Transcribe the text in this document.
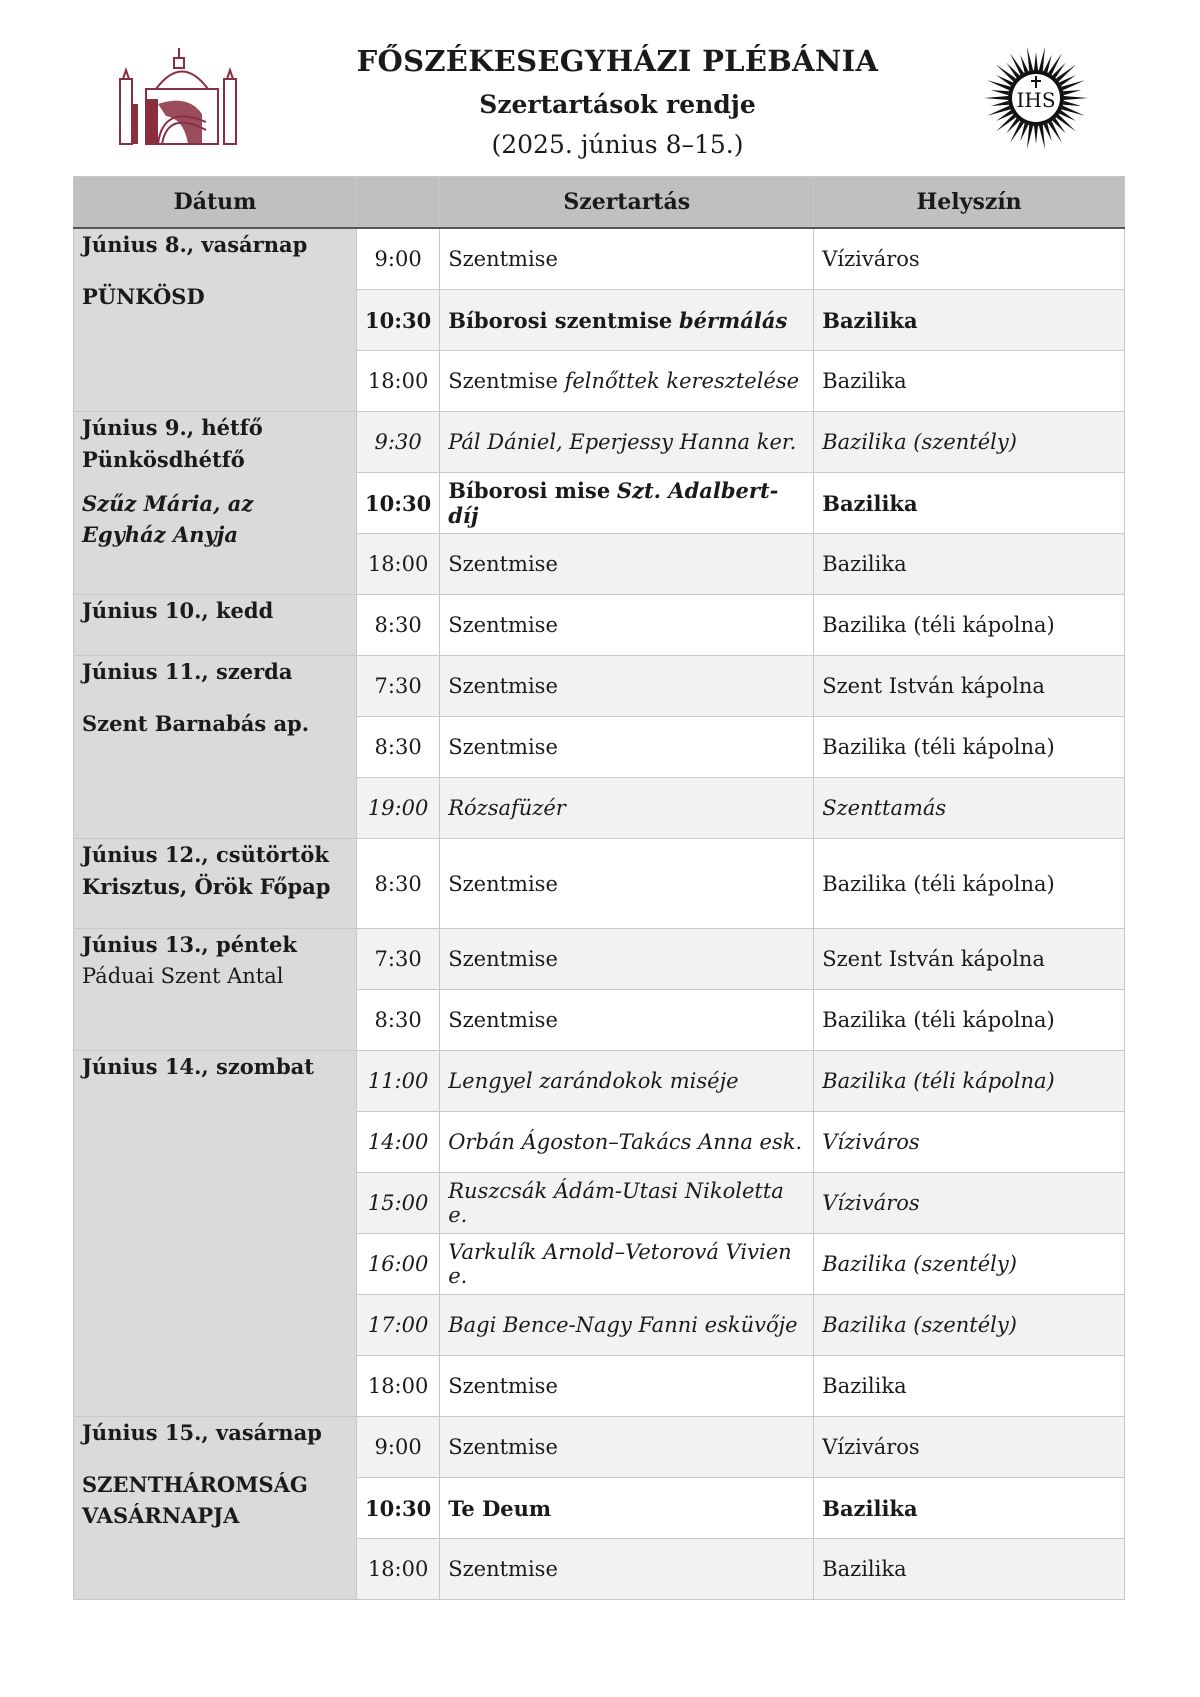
IHS
FŐSZÉKESEGYHÁZI PLÉBÁNIA
Szertartások rendje
(2025. június 8–15.)
Dátum		Szertartás	Helyszín
Június 8., vasárnap
PÜNKÖSD	9:00	Szentmise	Víziváros
	10:30	Bíborosi szentmise bérmálás	Bazilika
	18:00	Szentmise felnőttek keresztelése	Bazilika
Június 9., hétfő
Pünkösdhétfő
Szűz Mária, az Egyház Anyja	9:30	Pál Dániel, Eperjessy Hanna ker.	Bazilika (szentély)
	10:30	Bíborosi mise Szt. Adalbert-díj	Bazilika
	18:00	Szentmise	Bazilika
Június 10., kedd	8:30	Szentmise	Bazilika (téli kápolna)
Június 11., szerda
Szent Barnabás ap.	7:30	Szentmise	Szent István kápolna
	8:30	Szentmise	Bazilika (téli kápolna)
	19:00	Rózsafüzér	Szenttamás
Június 12., csütörtök
Krisztus, Örök Főpap	8:30	Szentmise	Bazilika (téli kápolna)
Június 13., péntek
Páduai Szent Antal	7:30	Szentmise	Szent István kápolna
	8:30	Szentmise	Bazilika (téli kápolna)
Június 14., szombat	11:00	Lengyel zarándokok miséje	Bazilika (téli kápolna)
	14:00	Orbán Ágoston–Takács Anna esk.	Víziváros
	15:00	Ruszcsák Ádám-Utasi Nikoletta e.	Víziváros
	16:00	Varkulík Arnold–Vetorová Vivien e.	Bazilika (szentély)
	17:00	Bagi Bence-Nagy Fanni esküvője	Bazilika (szentély)
	18:00	Szentmise	Bazilika
Június 15., vasárnap
SZENTHÁROMSÁG VASÁRNAPJA	9:00	Szentmise	Víziváros
	10:30	Te Deum	Bazilika
	18:00	Szentmise	Bazilika
